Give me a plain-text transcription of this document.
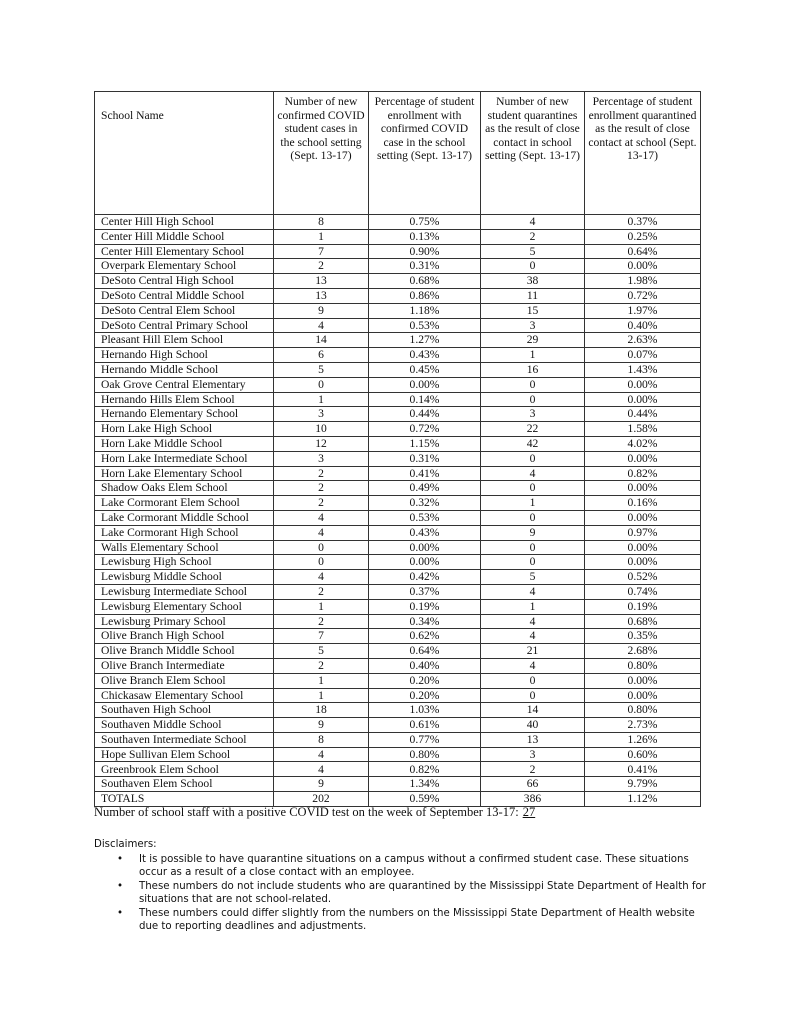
School Name	Number of new confirmed COVID student cases in the school setting (Sept. 13-17)	Percentage of student enrollment with confirmed COVID case in the school setting (Sept. 13-17)	Number of new student quarantines as the result of close contact in school setting (Sept. 13-17)	Percentage of student enrollment quarantined as the result of close contact at school (Sept. 13-17)
Center Hill High School	8	0.75%	4	0.37%
Center Hill Middle School	1	0.13%	2	0.25%
Center Hill Elementary School	7	0.90%	5	0.64%
Overpark Elementary School	2	0.31%	0	0.00%
DeSoto Central High School	13	0.68%	38	1.98%
DeSoto Central Middle School	13	0.86%	11	0.72%
DeSoto Central Elem School	9	1.18%	15	1.97%
DeSoto Central Primary School	4	0.53%	3	0.40%
Pleasant Hill Elem School	14	1.27%	29	2.63%
Hernando High School	6	0.43%	1	0.07%
Hernando Middle School	5	0.45%	16	1.43%
Oak Grove Central Elementary	0	0.00%	0	0.00%
Hernando Hills Elem School	1	0.14%	0	0.00%
Hernando Elementary School	3	0.44%	3	0.44%
Horn Lake High School	10	0.72%	22	1.58%
Horn Lake Middle School	12	1.15%	42	4.02%
Horn Lake Intermediate School	3	0.31%	0	0.00%
Horn Lake Elementary School	2	0.41%	4	0.82%
Shadow Oaks Elem School	2	0.49%	0	0.00%
Lake Cormorant Elem School	2	0.32%	1	0.16%
Lake Cormorant Middle School	4	0.53%	0	0.00%
Lake Cormorant High School	4	0.43%	9	0.97%
Walls Elementary School	0	0.00%	0	0.00%
Lewisburg High School	0	0.00%	0	0.00%
Lewisburg Middle School	4	0.42%	5	0.52%
Lewisburg Intermediate School	2	0.37%	4	0.74%
Lewisburg Elementary School	1	0.19%	1	0.19%
Lewisburg Primary School	2	0.34%	4	0.68%
Olive Branch High School	7	0.62%	4	0.35%
Olive Branch Middle School	5	0.64%	21	2.68%
Olive Branch Intermediate	2	0.40%	4	0.80%
Olive Branch Elem School	1	0.20%	0	0.00%
Chickasaw Elementary School	1	0.20%	0	0.00%
Southaven High School	18	1.03%	14	0.80%
Southaven Middle School	9	0.61%	40	2.73%
Southaven Intermediate School	8	0.77%	13	1.26%
Hope Sullivan Elem School	4	0.80%	3	0.60%
Greenbrook Elem School	4	0.82%	2	0.41%
Southaven Elem School	9	1.34%	66	9.79%
TOTALS	202	0.59%	386	1.12%
Number of school staff with a positive COVID test on the week of September 13-17: 27
Disclaimers:
• It is possible to have quarantine situations on a campus without a confirmed student case. These situations occur as a result of a close contact with an employee.
• These numbers do not include students who are quarantined by the Mississippi State Department of Health for situations that are not school-related.
• These numbers could differ slightly from the numbers on the Mississippi State Department of Health website due to reporting deadlines and adjustments.
